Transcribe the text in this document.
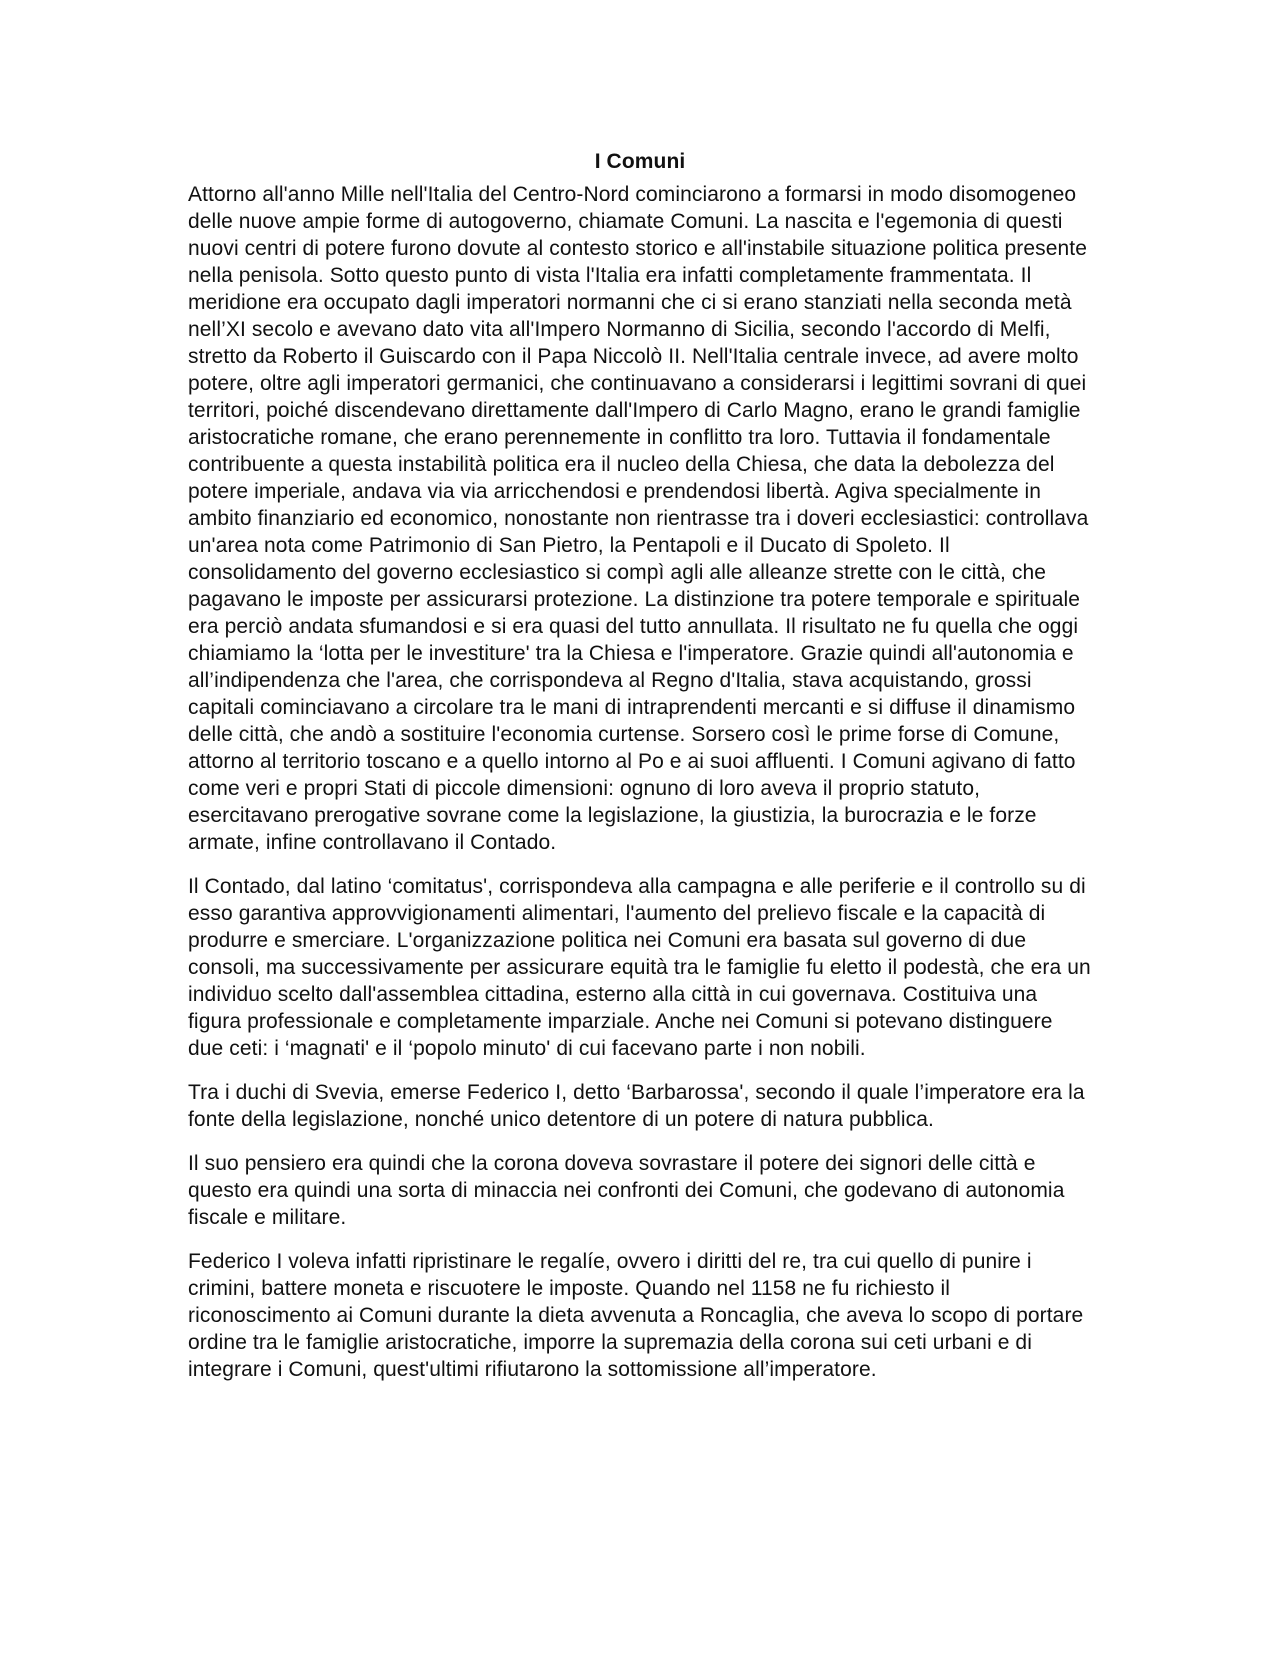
I Comuni

Attorno all'anno Mille nell'Italia del Centro-Nord cominciarono a formarsi in modo disomogeneo delle nuove ampie forme di autogoverno, chiamate Comuni. La nascita e l'egemonia di questi nuovi centri di potere furono dovute al contesto storico e all'instabile situazione politica presente nella penisola. Sotto questo punto di vista l'Italia era infatti completamente frammentata. Il meridione era occupato dagli imperatori normanni che ci si erano stanziati nella seconda metà nell’XI secolo e avevano dato vita all'Impero Normanno di Sicilia, secondo l'accordo di Melfi, stretto da Roberto il Guiscardo con il Papa Niccolò II. Nell'Italia centrale invece, ad avere molto potere, oltre agli imperatori germanici, che continuavano a considerarsi i legittimi sovrani di quei territori, poiché discendevano direttamente dall'Impero di Carlo Magno, erano le grandi famiglie aristocratiche romane, che erano perennemente in conflitto tra loro. Tuttavia il fondamentale contribuente a questa instabilità politica era il nucleo della Chiesa, che data la debolezza del potere imperiale, andava via via arricchendosi e prendendosi libertà. Agiva specialmente in ambito finanziario ed economico, nonostante non rientrasse tra i doveri ecclesiastici: controllava un'area nota come Patrimonio di San Pietro, la Pentapoli e il Ducato di Spoleto. Il consolidamento del governo ecclesiastico si compì agli alle alleanze strette con le città, che pagavano le imposte per assicurarsi protezione. La distinzione tra potere temporale e spirituale era perciò andata sfumandosi e si era quasi del tutto annullata. Il risultato ne fu quella che oggi chiamiamo la ‘lotta per le investiture' tra la Chiesa e l'imperatore. Grazie quindi all'autonomia e all’indipendenza che l'area, che corrispondeva al Regno d'Italia, stava acquistando, grossi capitali cominciavano a circolare tra le mani di intraprendenti mercanti e si diffuse il dinamismo delle città, che andò a sostituire l'economia curtense. Sorsero così le prime forse di Comune, attorno al territorio toscano e a quello intorno al Po e ai suoi affluenti. I Comuni agivano di fatto come veri e propri Stati di piccole dimensioni: ognuno di loro aveva il proprio statuto, esercitavano prerogative sovrane come la legislazione, la giustizia, la burocrazia e le forze armate, infine controllavano il Contado.

Il Contado, dal latino ‘comitatus', corrispondeva alla campagna e alle periferie e il controllo su di esso garantiva approvvigionamenti alimentari, l'aumento del prelievo fiscale e la capacità di produrre e smerciare. L'organizzazione politica nei Comuni era basata sul governo di due consoli, ma successivamente per assicurare equità tra le famiglie fu eletto il podestà, che era un individuo scelto dall'assemblea cittadina, esterno alla città in cui governava. Costituiva una figura professionale e completamente imparziale. Anche nei Comuni si potevano distinguere due ceti: i ‘magnati' e il ‘popolo minuto' di cui facevano parte i non nobili.

Tra i duchi di Svevia, emerse Federico I, detto ‘Barbarossa', secondo il quale l’imperatore era la fonte della legislazione, nonché unico detentore di un potere di natura pubblica.

Il suo pensiero era quindi che la corona doveva sovrastare il potere dei signori delle città e questo era quindi una sorta di minaccia nei confronti dei Comuni, che godevano di autonomia fiscale e militare.

Federico I voleva infatti ripristinare le regalíe, ovvero i diritti del re, tra cui quello di punire i crimini, battere moneta e riscuotere le imposte. Quando nel 1158 ne fu richiesto il riconoscimento ai Comuni durante la dieta avvenuta a Roncaglia, che aveva lo scopo di portare ordine tra le famiglie aristocratiche, imporre la supremazia della corona sui ceti urbani e di integrare i Comuni, quest'ultimi rifiutarono la sottomissione all’imperatore.
